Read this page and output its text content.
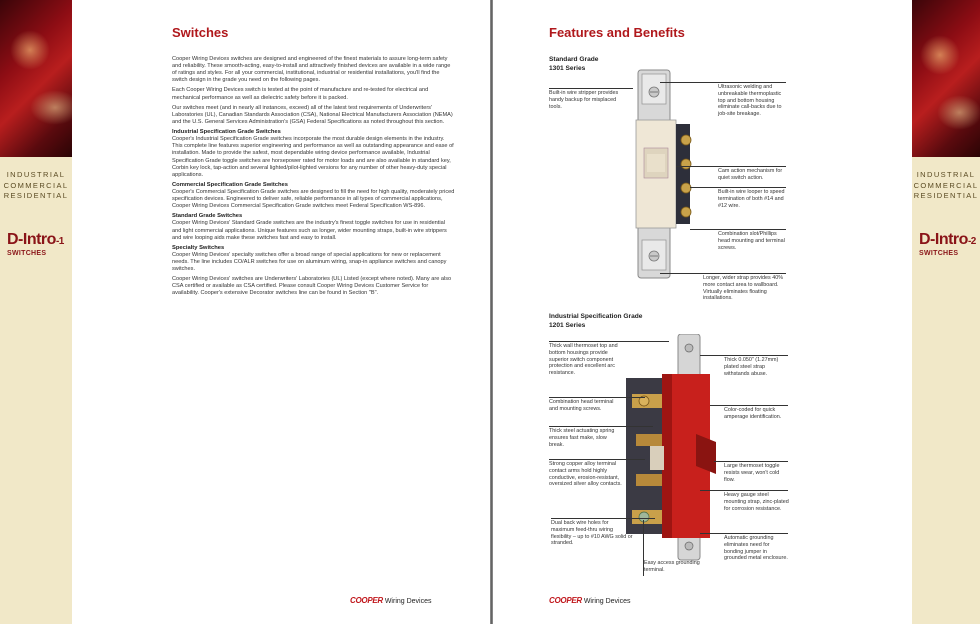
INDUSTRIAL
COMMERCIAL
RESIDENTIAL
D-Intro-1
SWITCHES
INDUSTRIAL
COMMERCIAL
RESIDENTIAL
D-Intro-2
SWITCHES
Switches

Cooper Wiring Devices switches are designed and engineered of the finest materials to assure long-term safety and reliability. These smooth-acting, easy-to-install and attractively finished devices are available in a wide range of ratings and styles. For all your commercial, institutional, industrial or residential installations, you'll find the switch design in the grade you need on the following pages.

Each Cooper Wiring Devices switch is tested at the point of manufacture and re-tested for electrical and mechanical performance as well as dielectric safety before it is packed.

Our switches meet (and in nearly all instances, exceed) all of the latest test requirements of Underwriters' Laboratories (UL), Canadian Standards Association (CSA), National Electrical Manufacturers Association (NEMA) and the U.S. General Services Administration's (GSA) Federal Specifications as noted throughout this section.

Industrial Specification Grade Switches

Cooper's Industrial Specification Grade switches incorporate the most durable design elements in the industry. This complete line features superior engineering and performance as well as outstanding appearance and ease of installation. Made to provide the safest, most dependable wiring device performance available, Industrial Specification Grade toggle switches are horsepower rated for motor loads and are also available in standard key, Corbin key lock, tap-action and several lighted/pilot-lighted versions for any number of other heavy-duty special applications.

Commercial Specification Grade Switches

Cooper's Commercial Specification Grade switches are designed to fill the need for high quality, moderately priced specification devices. Engineered to deliver safe, reliable performance in all types of commercial applications, Cooper Wiring Devices Commercial Specification Grade switches meet Federal Specification WS-896.

Standard Grade Switches

Cooper Wiring Devices' Standard Grade switches are the industry's finest toggle switches for use in residential and light commercial applications. Unique features such as longer, wider mounting straps, built-in wire strippers and wire looping aids make these switches fast and easy to install.

Specialty Switches

Cooper Wiring Devices' specialty switches offer a broad range of special applications for new or replacement needs. The line includes CO/ALR switches for use on aluminum wiring, snap-in appliance switches and canopy switches.

Cooper Wiring Devices' switches are Underwriters' Laboratories (UL) Listed (except where noted). Many are also CSA certified or available as CSA certified. Please consult Cooper Wiring Devices Customer Service for availability. Cooper's extensive Decorator switches line can be found in Section "B".

COOPER Wiring Devices
Features and Benefits
Standard Grade
1301 Series
Built-in wire stripper provides handy backup for misplaced tools.
Ultrasonic welding and unbreakable thermoplastic top and bottom housing eliminate call-backs due to job-site breakage.
Cam action mechanism for quiet switch action.
Built-in wire looper to speed termination of both #14 and #12 wire.
Combination slot/Phillips head mounting and terminal screws.
Longer, wider strap provides 40% more contact area to wallboard. Virtually eliminates floating installations.
Industrial Specification Grade
1201 Series
Thick wall thermoset top and bottom housings provide superior switch component protection and excellent arc resistance.
Combination head terminal and mounting screws.
Thick steel actuating spring ensures fast make, slow break.
Strong copper alloy terminal contact arms hold highly conductive, erosion-resistant, oversized silver alloy contacts.
Dual back wire holes for maximum feed-thru wiring flexibility – up to #10 AWG solid or stranded.
Easy access grounding terminal.
Thick 0.050" (1.27mm) plated steel strap withstands abuse.
Color-coded for quick amperage identification.
Large thermoset toggle resists wear, won't cold flow.
Heavy gauge steel mounting strap, zinc-plated for corrosion resistance.
Automatic grounding eliminates need for bonding jumper in grounded metal enclosure.
COOPER Wiring Devices
